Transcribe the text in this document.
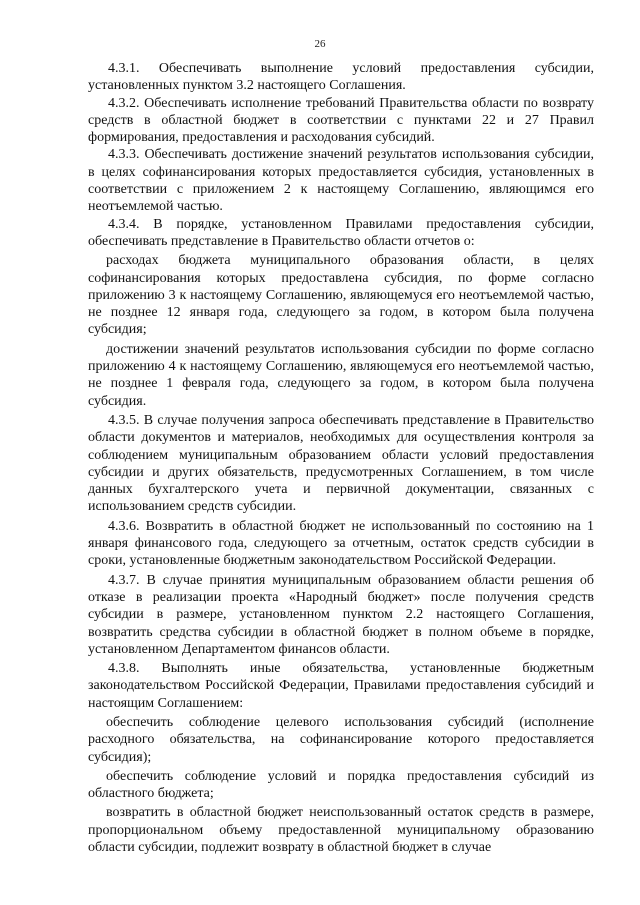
26

4.3.1. Обеспечивать выполнение условий предоставления субсидии, установленных пунктом 3.2 настоящего Соглашения.

4.3.2. Обеспечивать исполнение требований Правительства области по возврату средств в областной бюджет в соответствии с пунктами 22 и 27 Правил формирования, предоставления и расходования субсидий.

4.3.3. Обеспечивать достижение значений результатов использования субсидии, в целях софинансирования которых предоставляется субсидия, установленных в соответствии с приложением 2 к настоящему Соглашению, являющимся его неотъемлемой частью.

4.3.4. В порядке, установленном Правилами предоставления субсидии, обеспечивать представление в Правительство области отчетов о:

расходах бюджета муниципального образования области, в целях софинансирования которых предоставлена субсидия, по форме согласно приложению 3 к настоящему Соглашению, являющемуся его неотъемлемой частью, не позднее 12 января года, следующего за годом, в котором была получена субсидия;

достижении значений результатов использования субсидии по форме согласно приложению 4 к настоящему Соглашению, являющемуся его неотъемлемой частью, не позднее 1 февраля года, следующего за годом, в котором была получена субсидия.

4.3.5. В случае получения запроса обеспечивать представление в Правительство области документов и материалов, необходимых для осуществления контроля за соблюдением муниципальным образованием области условий предоставления субсидии и других обязательств, предусмотренных Соглашением, в том числе данных бухгалтерского учета и первичной документации, связанных с использованием средств субсидии.

4.3.6. Возвратить в областной бюджет не использованный по состоянию на 1 января финансового года, следующего за отчетным, остаток средств субсидии в сроки, установленные бюджетным законодательством Российской Федерации.

4.3.7. В случае принятия муниципальным образованием области решения об отказе в реализации проекта «Народный бюджет» после получения средств субсидии в размере, установленном пунктом 2.2 настоящего Соглашения, возвратить средства субсидии в областной бюджет в полном объеме в порядке, установленном Департаментом финансов области.

4.3.8. Выполнять иные обязательства, установленные бюджетным законодательством Российской Федерации, Правилами предоставления субсидий и настоящим Соглашением:

обеспечить соблюдение целевого использования субсидий (исполнение расходного обязательства, на софинансирование которого предоставляется субсидия);

обеспечить соблюдение условий и порядка предоставления субсидий из областного бюджета;

возвратить в областной бюджет неиспользованный остаток средств в размере, пропорциональном объему предоставленной муниципальному образованию области субсидии, подлежит возврату в областной бюджет в случае
